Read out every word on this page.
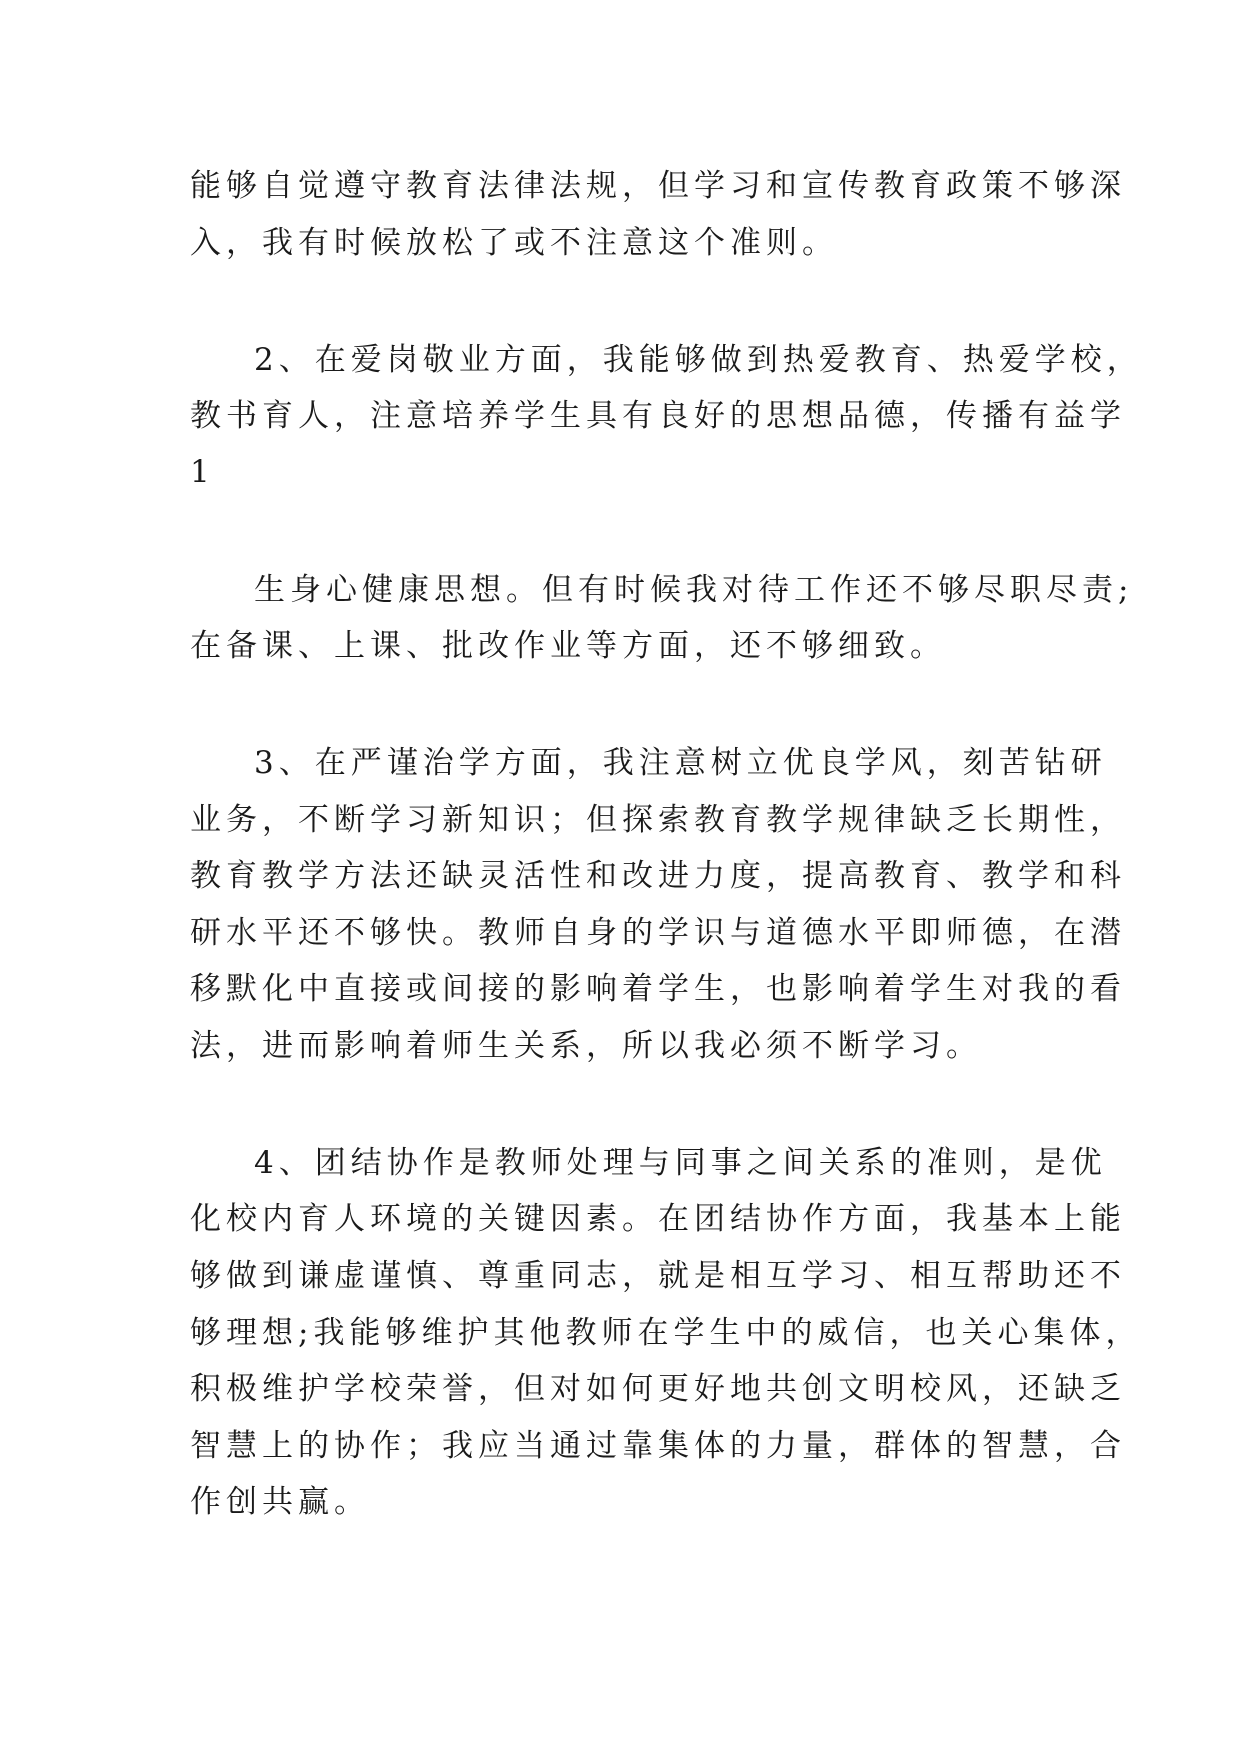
能够自觉遵守教育法律法规，但学习和宣传教育政策不够深
入，我有时候放松了或不注意这个准则。
2、在爱岗敬业方面，我能够做到热爱教育、热爱学校，
教书育人，注意培养学生具有良好的思想品德，传播有益学
1
生身心健康思想。但有时候我对待工作还不够尽职尽责;
在备课、上课、批改作业等方面，还不够细致。
3、在严谨治学方面，我注意树立优良学风，刻苦钻研
业务，不断学习新知识；但探索教育教学规律缺乏长期性，
教育教学方法还缺灵活性和改进力度，提高教育、教学和科
研水平还不够快。教师自身的学识与道德水平即师德，在潜
移默化中直接或间接的影响着学生，也影响着学生对我的看
法，进而影响着师生关系，所以我必须不断学习。
4、团结协作是教师处理与同事之间关系的准则，是优
化校内育人环境的关键因素。在团结协作方面，我基本上能
够做到谦虚谨慎、尊重同志，就是相互学习、相互帮助还不
够理想;我能够维护其他教师在学生中的威信，也关心集体，
积极维护学校荣誉，但对如何更好地共创文明校风，还缺乏
智慧上的协作；我应当通过靠集体的力量，群体的智慧，合
作创共赢。
